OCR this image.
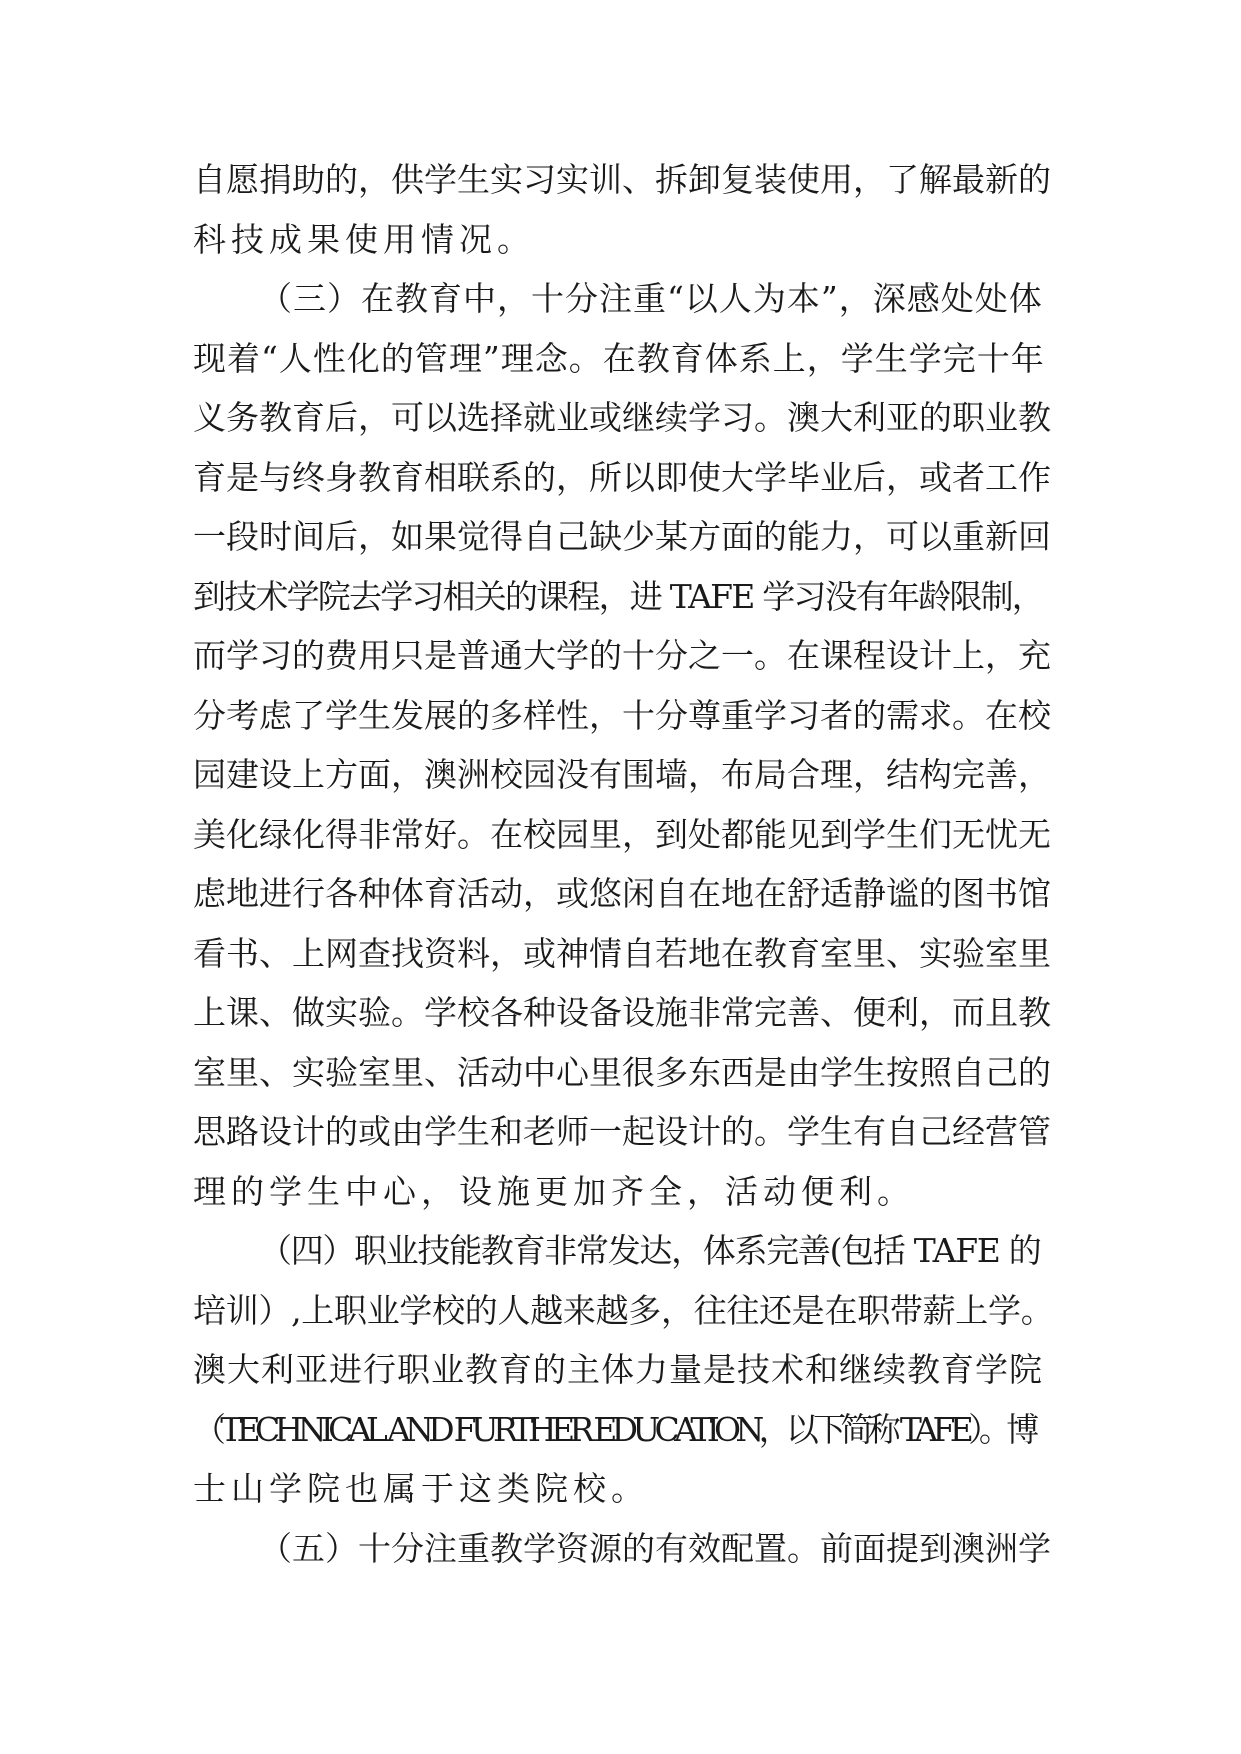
自愿捐助的，供学生实习实训、拆卸复装使用，了解最新的
科技成果使用情况。
（三）在教育中，十分注重“以人为本”，深感处处体
现着“人性化的管理”理念。在教育体系上，学生学完十年
义务教育后，可以选择就业或继续学习。澳大利亚的职业教
育是与终身教育相联系的，所以即使大学毕业后，或者工作
一段时间后，如果觉得自己缺少某方面的能力，可以重新回
到技术学院去学习相关的课程，进 TAFE 学习没有年龄限制，
而学习的费用只是普通大学的十分之一。在课程设计上，充
分考虑了学生发展的多样性，十分尊重学习者的需求。在校
园建设上方面，澳洲校园没有围墙，布局合理，结构完善，
美化绿化得非常好。在校园里，到处都能见到学生们无忧无
虑地进行各种体育活动，或悠闲自在地在舒适静谧的图书馆
看书、上网查找资料，或神情自若地在教育室里、实验室里
上课、做实验。学校各种设备设施非常完善、便利，而且教
室里、实验室里、活动中心里很多东西是由学生按照自己的
思路设计的或由学生和老师一起设计的。学生有自己经营管
理的学生中心，设施更加齐全，活动便利。
（四）职业技能教育非常发达，体系完善(包括 TAFE 的
培训）,上职业学校的人越来越多，往往还是在职带薪上学。
澳大利亚进行职业教育的主体力量是技术和继续教育学院
（TECHNICAL AND FURTHER EDUCATION，以下简称 TAFE）。博
士山学院也属于这类院校。
（五）十分注重教学资源的有效配置。前面提到澳洲学
